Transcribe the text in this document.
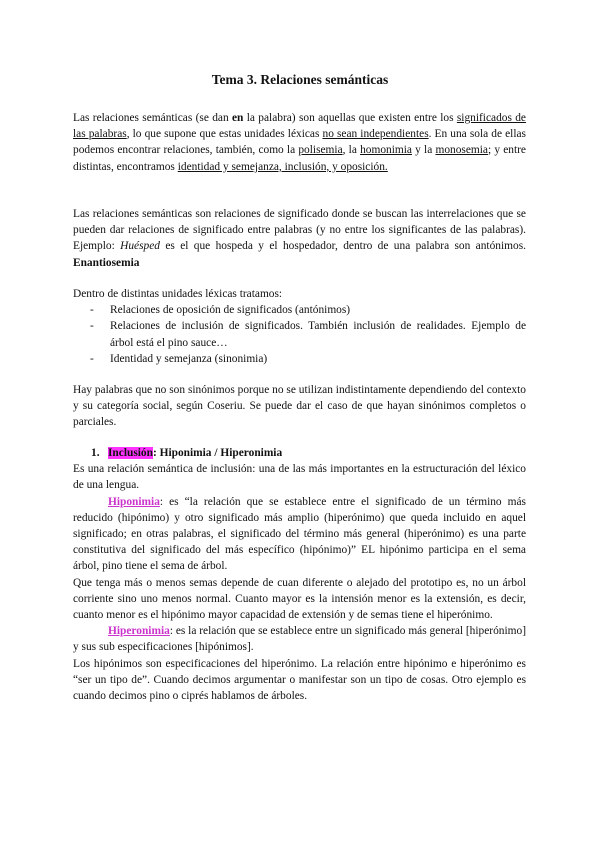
Tema 3. Relaciones semánticas
Las relaciones semánticas (se dan en la palabra) son aquellas que existen entre los significados de las palabras, lo que supone que estas unidades léxicas no sean independientes. En una sola de ellas podemos encontrar relaciones, también, como la polisemia, la homonimia y la monosemia; y entre distintas, encontramos identidad y semejanza, inclusión, y oposición.
Las relaciones semánticas son relaciones de significado donde se buscan las interrelaciones que se pueden dar relaciones de significado entre palabras (y no entre los significantes de las palabras). Ejemplo: Huésped es el que hospeda y el hospedador, dentro de una palabra son antónimos. Enantiosemia
Dentro de distintas unidades léxicas tratamos:
- Relaciones de oposición de significados (antónimos)
- Relaciones de inclusión de significados. También inclusión de realidades. Ejemplo de árbol está el pino sauce…
- Identidad y semejanza (sinonimia)
Hay palabras que no son sinónimos porque no se utilizan indistintamente dependiendo del contexto y su categoría social, según Coseriu. Se puede dar el caso de que hayan sinónimos completos o parciales.
1. Inclusión: Hiponimia / Hiperonimia
Es una relación semántica de inclusión: una de las más importantes en la estructuración del léxico de una lengua.
Hiponimia: es “la relación que se establece entre el significado de un término más reducido (hipónimo) y otro significado más amplio (hiperónimo) que queda incluido en aquel significado; en otras palabras, el significado del término más general (hiperónimo) es una parte constitutiva del significado del más específico (hipónimo)” EL hipónimo participa en el sema árbol, pino tiene el sema de árbol.
Que tenga más o menos semas depende de cuan diferente o alejado del prototipo es, no un árbol corriente sino uno menos normal. Cuanto mayor es la intensión menor es la extensión, es decir, cuanto menor es el hipónimo mayor capacidad de extensión y de semas tiene el hiperónimo.
Hiperonimia: es la relación que se establece entre un significado más general [hiperónimo] y sus sub especificaciones [hipónimos].
Los hipónimos son especificaciones del hiperónimo. La relación entre hipónimo e hiperónimo es “ser un tipo de”. Cuando decimos argumentar o manifestar son un tipo de cosas. Otro ejemplo es cuando decimos pino o ciprés hablamos de árboles.
